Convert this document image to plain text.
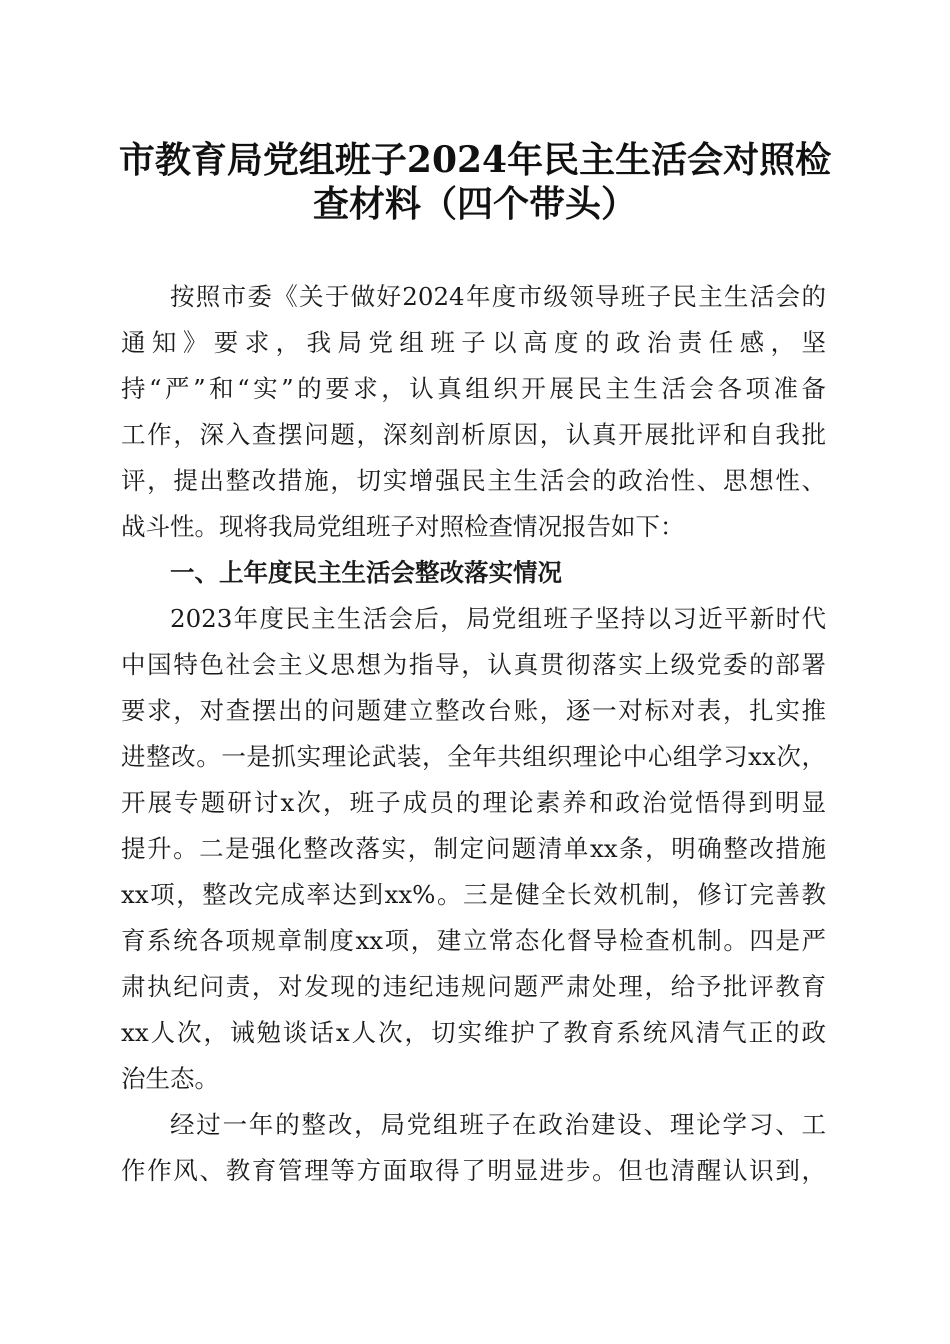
市教育局党组班子2024年民主生活会对照检
查材料（四个带头）
按照市委《关于做好2024年度市级领导班子民主生活会的
通知》要求，我局党组班子以高度的政治责任感，坚
持“严”和“实”的要求，认真组织开展民主生活会各项准备
工作，深入查摆问题，深刻剖析原因，认真开展批评和自我批
评，提出整改措施，切实增强民主生活会的政治性、思想性、
战斗性。现将我局党组班子对照检查情况报告如下：
一、上年度民主生活会整改落实情况
2023年度民主生活会后，局党组班子坚持以习近平新时代
中国特色社会主义思想为指导，认真贯彻落实上级党委的部署
要求，对查摆出的问题建立整改台账，逐一对标对表，扎实推
进整改。一是抓实理论武装，全年共组织理论中心组学习xx次，
开展专题研讨x次，班子成员的理论素养和政治觉悟得到明显
提升。二是强化整改落实，制定问题清单xx条，明确整改措施
xx项，整改完成率达到xx%。三是健全长效机制，修订完善教
育系统各项规章制度xx项，建立常态化督导检查机制。四是严
肃执纪问责，对发现的违纪违规问题严肃处理，给予批评教育
xx人次，诫勉谈话x人次，切实维护了教育系统风清气正的政
治生态。
经过一年的整改，局党组班子在政治建设、理论学习、工
作作风、教育管理等方面取得了明显进步。但也清醒认识到，
